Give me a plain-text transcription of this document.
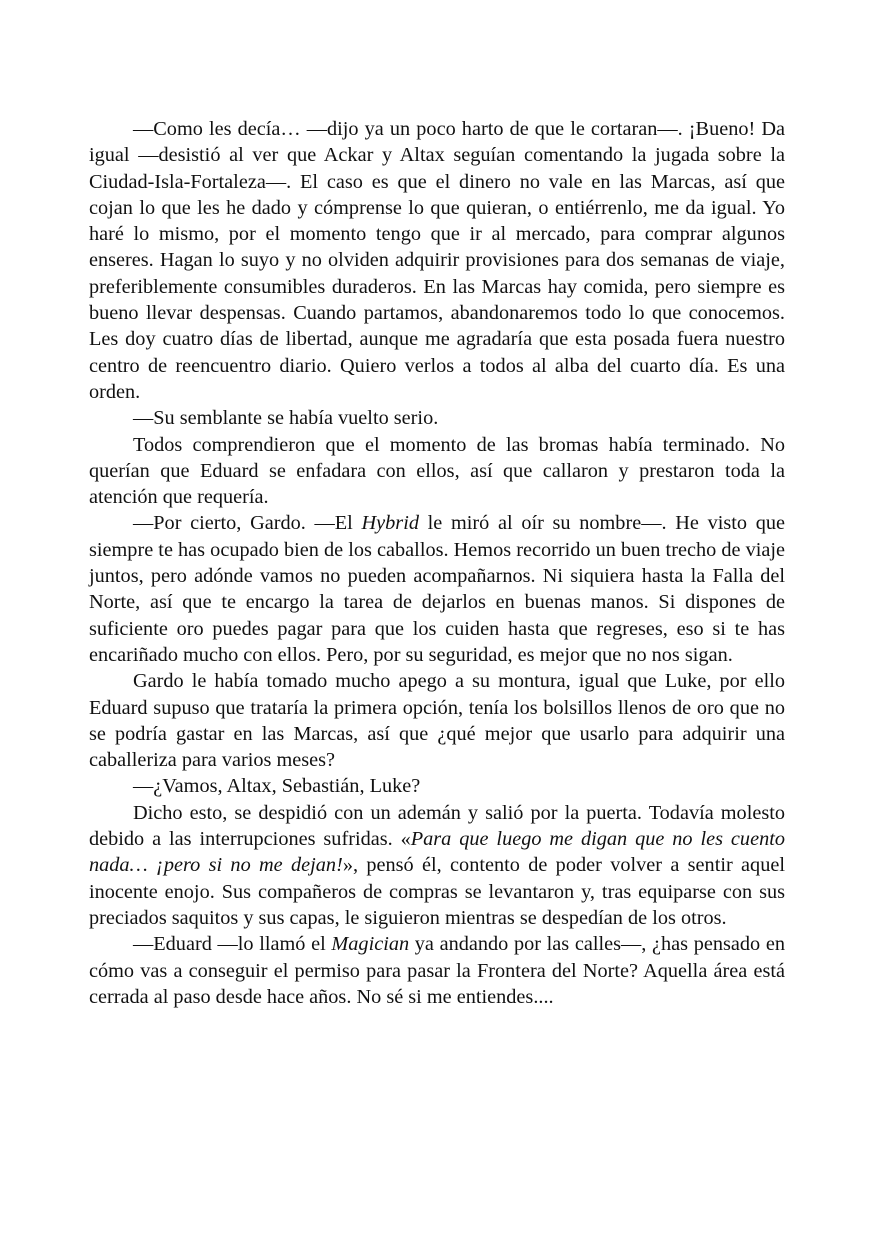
—Como les decía… —dijo ya un poco harto de que le cortaran—. ¡Bueno! Da igual —desistió al ver que Ackar y Altax seguían comentando la jugada sobre la Ciudad-Isla-Fortaleza—. El caso es que el dinero no vale en las Marcas, así que cojan lo que les he dado y cómprense lo que quieran, o entiérrenlo, me da igual. Yo haré lo mismo, por el momento tengo que ir al mercado, para comprar algunos enseres. Hagan lo suyo y no olviden adquirir provisiones para dos semanas de viaje, preferiblemente consumibles duraderos. En las Marcas hay comida, pero siempre es bueno llevar despensas. Cuando partamos, abandonaremos todo lo que conocemos. Les doy cuatro días de libertad, aunque me agradaría que esta posada fuera nuestro centro de reencuentro diario. Quiero verlos a todos al alba del cuarto día. Es una orden.

—Su semblante se había vuelto serio.

Todos comprendieron que el momento de las bromas había terminado. No querían que Eduard se enfadara con ellos, así que callaron y prestaron toda la atención que requería.

—Por cierto, Gardo. —El Hybrid le miró al oír su nombre—. He visto que siempre te has ocupado bien de los caballos. Hemos recorrido un buen trecho de viaje juntos, pero adónde vamos no pueden acompañarnos. Ni siquiera hasta la Falla del Norte, así que te encargo la tarea de dejarlos en buenas manos. Si dispones de suficiente oro puedes pagar para que los cuiden hasta que regreses, eso si te has encariñado mucho con ellos. Pero, por su seguridad, es mejor que no nos sigan.

Gardo le había tomado mucho apego a su montura, igual que Luke, por ello Eduard supuso que trataría la primera opción, tenía los bolsillos llenos de oro que no se podría gastar en las Marcas, así que ¿qué mejor que usarlo para adquirir una caballeriza para varios meses?

—¿Vamos, Altax, Sebastián, Luke?

Dicho esto, se despidió con un ademán y salió por la puerta. Todavía molesto debido a las interrupciones sufridas. «Para que luego me digan que no les cuento nada… ¡pero si no me dejan!», pensó él, contento de poder volver a sentir aquel inocente enojo. Sus compañeros de compras se levantaron y, tras equiparse con sus preciados saquitos y sus capas, le siguieron mientras se despedían de los otros.

—Eduard —lo llamó el Magician ya andando por las calles—, ¿has pensado en cómo vas a conseguir el permiso para pasar la Frontera del Norte? Aquella área está cerrada al paso desde hace años. No sé si me entiendes....
